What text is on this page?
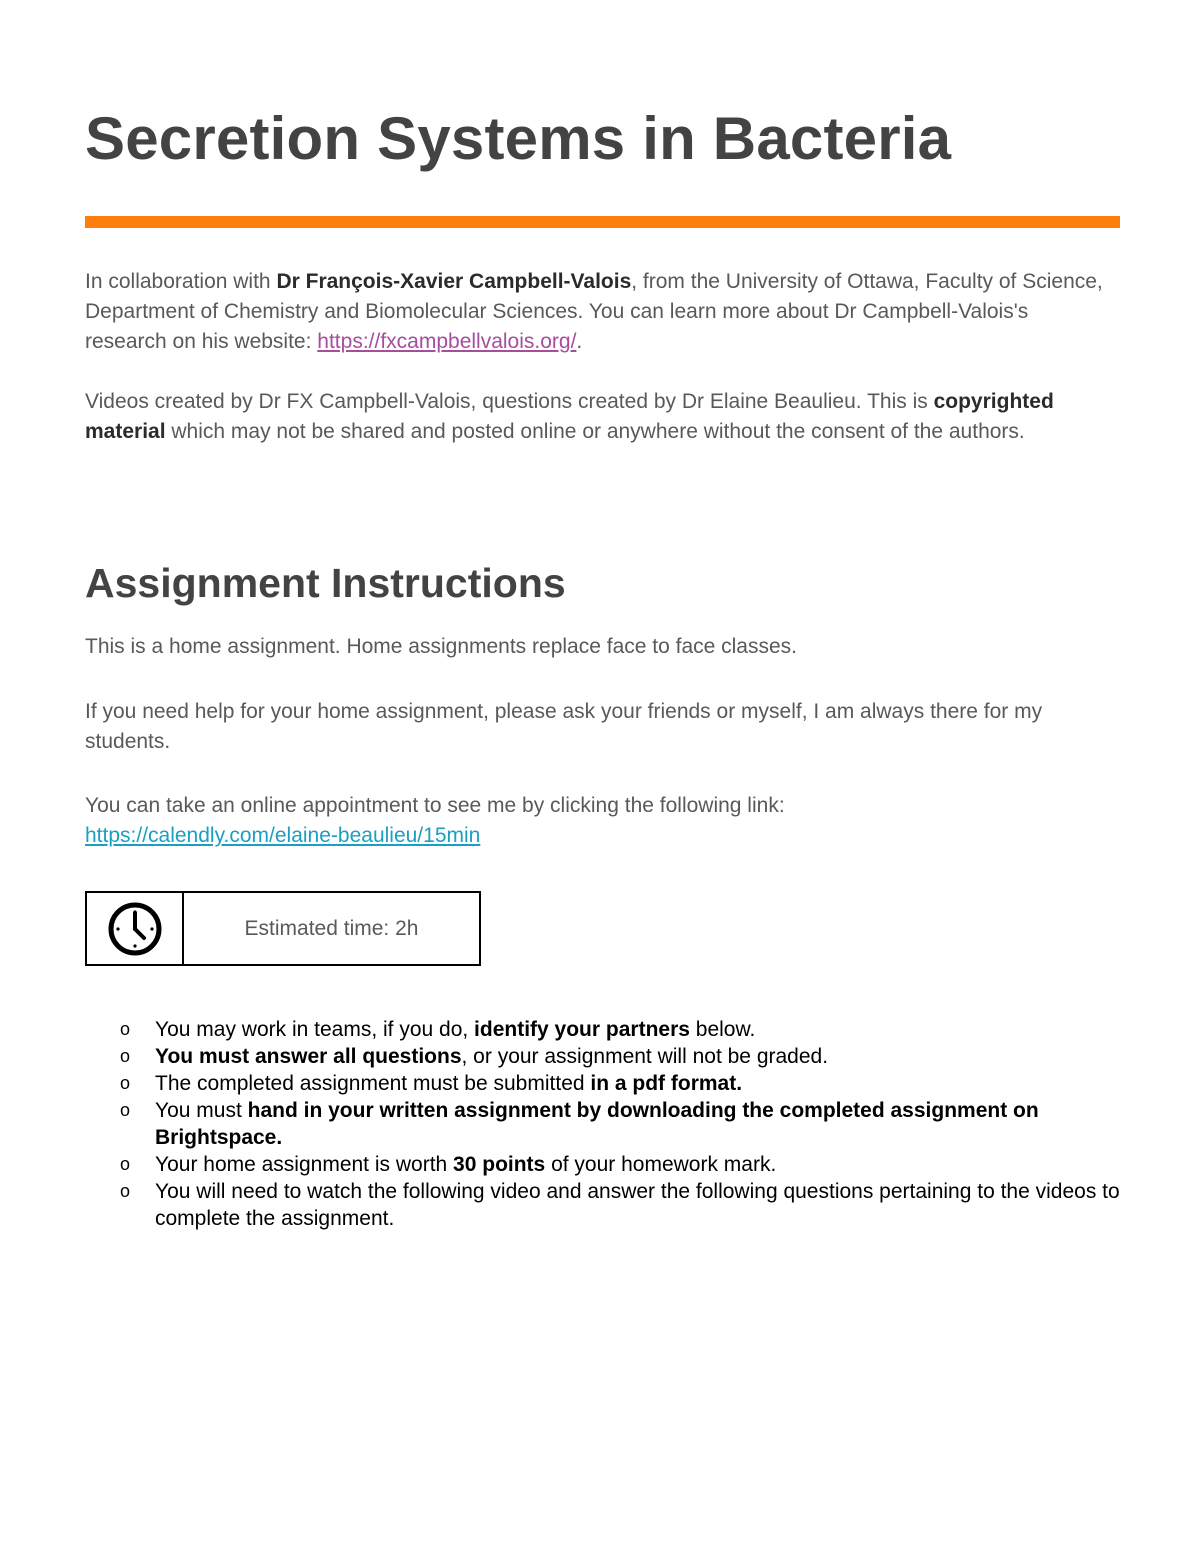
Secretion Systems in Bacteria

In collaboration with Dr François-Xavier Campbell-Valois, from the University of Ottawa, Faculty of Science, Department of Chemistry and Biomolecular Sciences. You can learn more about Dr Campbell-Valois's research on his website: https://fxcampbellvalois.org/.

Videos created by Dr FX Campbell-Valois, questions created by Dr Elaine Beaulieu. This is copyrighted material which may not be shared and posted online or anywhere without the consent of the authors.

Assignment Instructions

This is a home assignment. Home assignments replace face to face classes.

If you need help for your home assignment, please ask your friends or myself, I am always there for my students.

You can take an online appointment to see me by clicking the following link:
https://calendly.com/elaine-beaulieu/15min

Estimated time: 2h
o You may work in teams, if you do, identify your partners below.
o You must answer all questions, or your assignment will not be graded.
o The completed assignment must be submitted in a pdf format.
o You must hand in your written assignment by downloading the completed assignment on Brightspace.
o Your home assignment is worth 30 points of your homework mark.
o You will need to watch the following video and answer the following questions pertaining to the videos to complete the assignment.
